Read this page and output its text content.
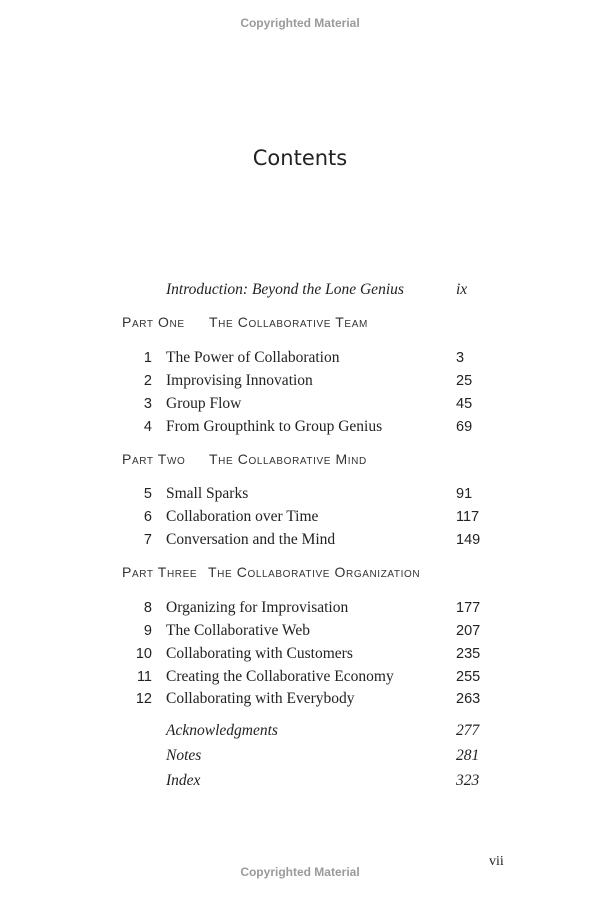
Copyrighted Material
Contents
Introduction: Beyond the Lone Genius	ix
Part One The Collaborative Team
1 The Power of Collaboration	3
2 Improvising Innovation	25
3 Group Flow	45
4 From Groupthink to Group Genius	69
Part Two The Collaborative Mind
5 Small Sparks	91
6 Collaboration over Time	117
7 Conversation and the Mind	149
Part Three The Collaborative Organization
8 Organizing for Improvisation	177
9 The Collaborative Web	207
10 Collaborating with Customers	235
11 Creating the Collaborative Economy	255
12 Collaborating with Everybody	263
Acknowledgments	277
Notes	281
Index	323
vii
Copyrighted Material
